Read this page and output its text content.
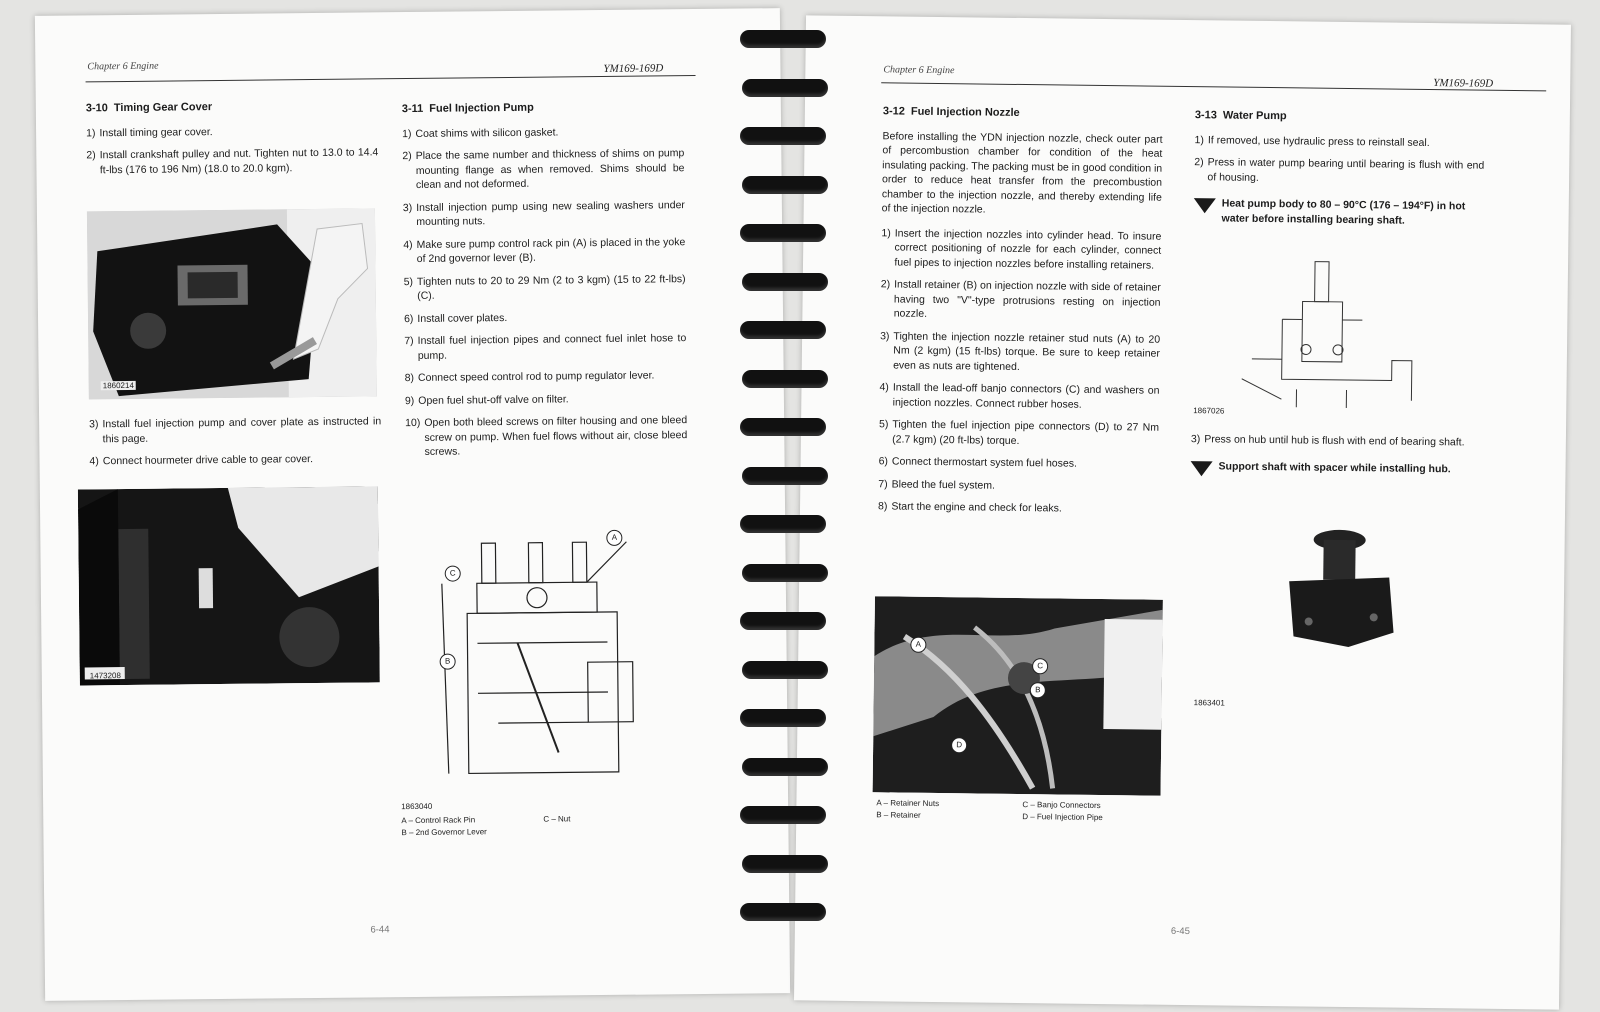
Chapter 6 Engine	YM169-169D
3-10 Timing Gear Cover
1) Install timing gear cover.
2) Install crankshaft pulley and nut. Tighten nut to 13.0 to 14.4 ft-lbs (176 to 196 Nm) (18.0 to 20.0 kgm).
1860214
3) Install fuel injection pump and cover plate as instructed in this page.
4) Connect hourmeter drive cable to gear cover.
1473208
3-11 Fuel Injection Pump
1) Coat shims with silicon gasket.
2) Place the same number and thickness of shims on pump mounting flange as when removed. Shims should be clean and not deformed.
3) Install injection pump using new sealing washers under mounting nuts.
4) Make sure pump control rack pin (A) is placed in the yoke of 2nd governor lever (B).
5) Tighten nuts to 20 to 29 Nm (2 to 3 kgm) (15 to 22 ft-lbs) (C).
6) Install cover plates.
7) Install fuel injection pipes and connect fuel inlet hose to pump.
8) Connect speed control rod to pump regulator lever.
9) Open fuel shut-off valve on filter.
10) Open both bleed screws on filter housing and one bleed screw on pump. When fuel flows without air, close bleed screws.
A
B
C
1863040
A – Control Rack Pin
B – 2nd Governor Lever
C – Nut
6-44
Chapter 6 Engine
YM169-169D
3-12 Fuel Injection Nozzle
Before installing the YDN injection nozzle, check outer part of percombustion chamber for condition of the heat insulating packing. The packing must be in good condition in order to reduce heat transfer from the precombustion chamber to the injection nozzle, and thereby extending life of the injection nozzle.
1) Insert the injection nozzles into cylinder head. To insure correct positioning of nozzle for each cylinder, connect fuel pipes to injection nozzles before installing retainers.
2) Install retainer (B) on injection nozzle with side of retainer having two "V"-type protrusions resting on injection nozzle.
3) Tighten the injection nozzle retainer stud nuts (A) to 20 Nm (2 kgm) (15 ft-lbs) torque. Be sure to keep retainer even as nuts are tightened.
4) Install the lead-off banjo connectors (C) and washers on injection nozzles. Connect rubber hoses.
5) Tighten the fuel injection pipe connectors (D) to 27 Nm (2.7 kgm) (20 ft-lbs) torque.
6) Connect thermostart system fuel hoses.
7) Bleed the fuel system.
8) Start the engine and check for leaks.
A
B
C
D
A – Retainer Nuts
B – Retainer
C – Banjo Connectors
D – Fuel Injection Pipe
3-13 Water Pump
1) If removed, use hydraulic press to reinstall seal.
2) Press in water pump bearing until bearing is flush with end of housing.
Heat pump body to 80 – 90°C (176 – 194°F) in hot water before installing bearing shaft.
1867026
3) Press on hub until hub is flush with end of bearing shaft.
Support shaft with spacer while installing hub.
1863401
6-45
